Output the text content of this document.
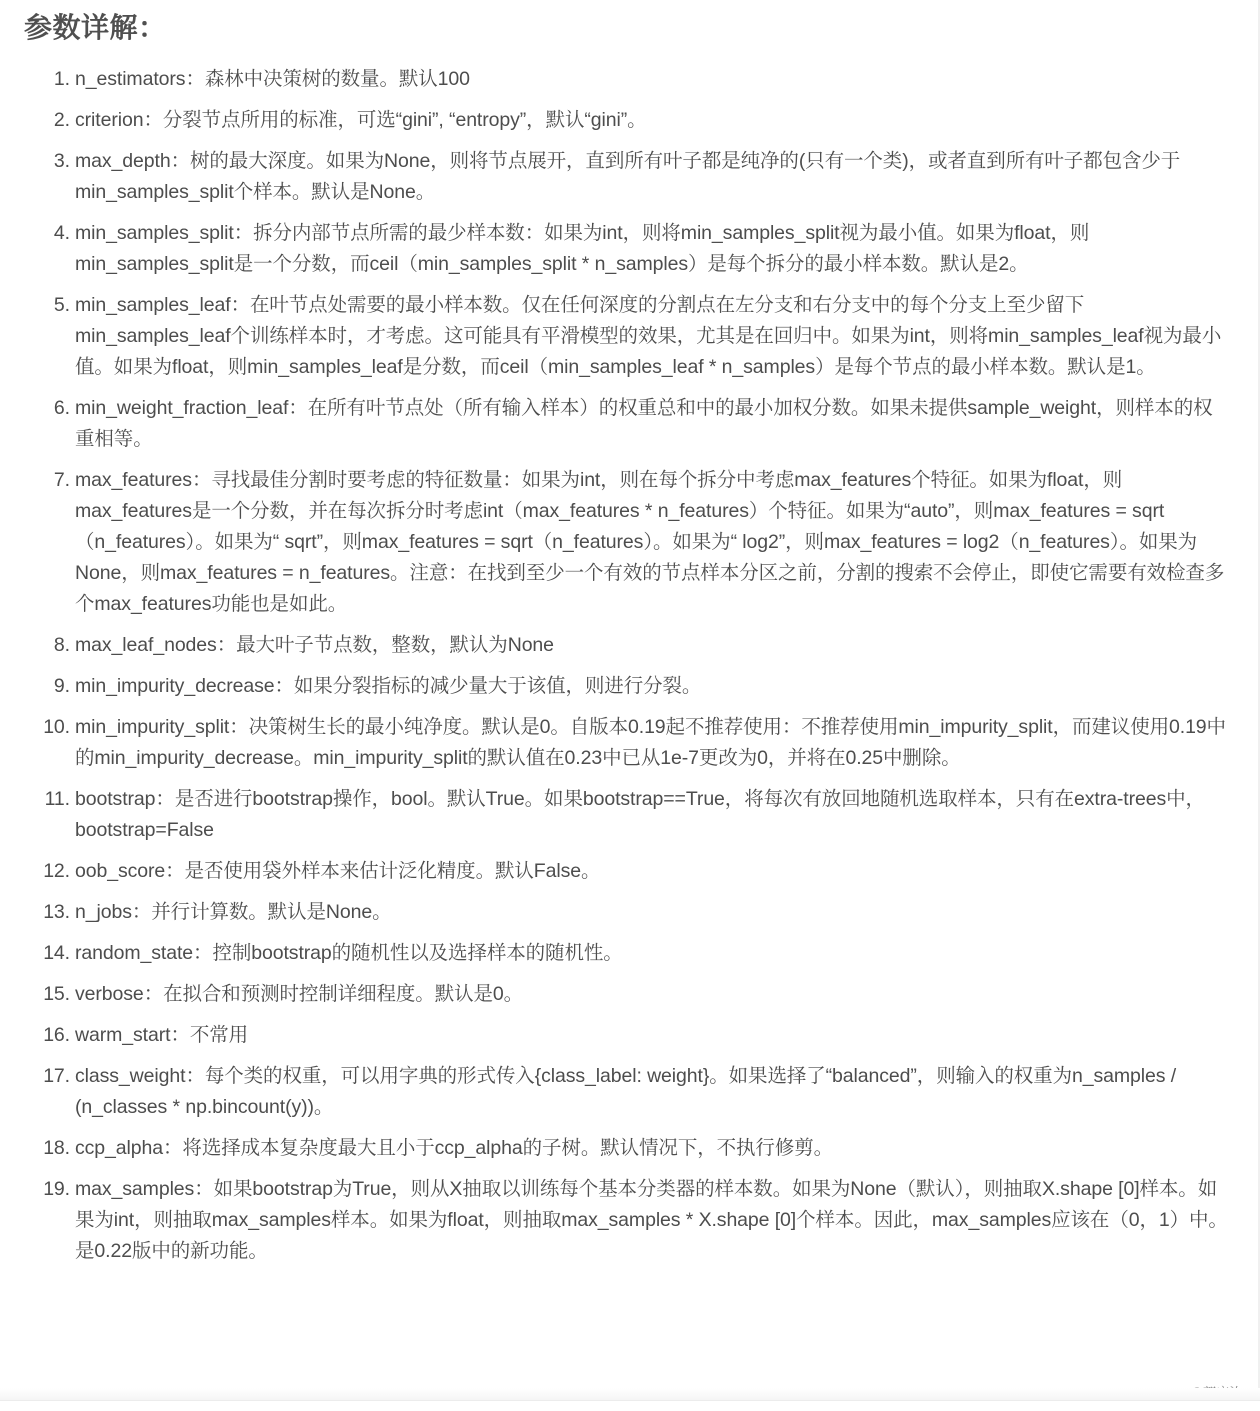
参数详解：
1. n_estimators：森林中决策树的数量。默认100
2. criterion：分裂节点所用的标准，可选“gini”, “entropy”，默认“gini”。
3. max_depth：树的最大深度。如果为None，则将节点展开，直到所有叶子都是纯净的(只有一个类)，或者直到所有叶子都包含少于min_samples_split个样本。默认是None。
4. min_samples_split：拆分内部节点所需的最少样本数：如果为int，则将min_samples_split视为最小值。如果为float，则min_samples_split是一个分数，而ceil（min_samples_split * n_samples）是每个拆分的最小样本数。默认是2。
5. min_samples_leaf：在叶节点处需要的最小样本数。仅在任何深度的分割点在左分支和右分支中的每个分支上至少留下min_samples_leaf个训练样本时，才考虑。这可能具有平滑模型的效果，尤其是在回归中。如果为int，则将min_samples_leaf视为最小值。如果为float，则min_samples_leaf是分数，而ceil（min_samples_leaf * n_samples）是每个节点的最小样本数。默认是1。
6. min_weight_fraction_leaf：在所有叶节点处（所有输入样本）的权重总和中的最小加权分数。如果未提供sample_weight，则样本的权重相等。
7. max_features：寻找最佳分割时要考虑的特征数量：如果为int，则在每个拆分中考虑max_features个特征。如果为float，则max_features是一个分数，并在每次拆分时考虑int（max_features * n_features）个特征。如果为“auto”，则max_features = sqrt（n_features）。如果为“ sqrt”，则max_features = sqrt（n_features）。如果为“ log2”，则max_features = log2（n_features）。如果为None，则max_features = n_features。注意：在找到至少一个有效的节点样本分区之前，分割的搜索不会停止，即使它需要有效检查多个max_features功能也是如此。
8. max_leaf_nodes：最大叶子节点数，整数，默认为None
9. min_impurity_decrease：如果分裂指标的减少量大于该值，则进行分裂。
10. min_impurity_split：决策树生长的最小纯净度。默认是0。自版本0.19起不推荐使用：不推荐使用min_impurity_split，而建议使用0.19中的min_impurity_decrease。min_impurity_split的默认值在0.23中已从1e-7更改为0，并将在0.25中删除。
11. bootstrap：是否进行bootstrap操作，bool。默认True。如果bootstrap==True，将每次有放回地随机选取样本，只有在extra-trees中，bootstrap=False
12. oob_score：是否使用袋外样本来估计泛化精度。默认False。
13. n_jobs：并行计算数。默认是None。
14. random_state：控制bootstrap的随机性以及选择样本的随机性。
15. verbose：在拟合和预测时控制详细程度。默认是0。
16. warm_start：不常用
17. class_weight：每个类的权重，可以用字典的形式传入{class_label: weight}。如果选择了“balanced”，则输入的权重为n_samples / (n_classes * np.bincount(y))。
18. ccp_alpha：将选择成本复杂度最大且小于ccp_alpha的子树。默认情况下，不执行修剪。
19. max_samples：如果bootstrap为True，则从X抽取以训练每个基本分类器的样本数。如果为None（默认），则抽取X.shape [0]样本。如果为int，则抽取max_samples样本。如果为float，则抽取max_samples * X.shape [0]个样本。因此，max_samples应该在（0，1）中。是0.22版中的新功能。
